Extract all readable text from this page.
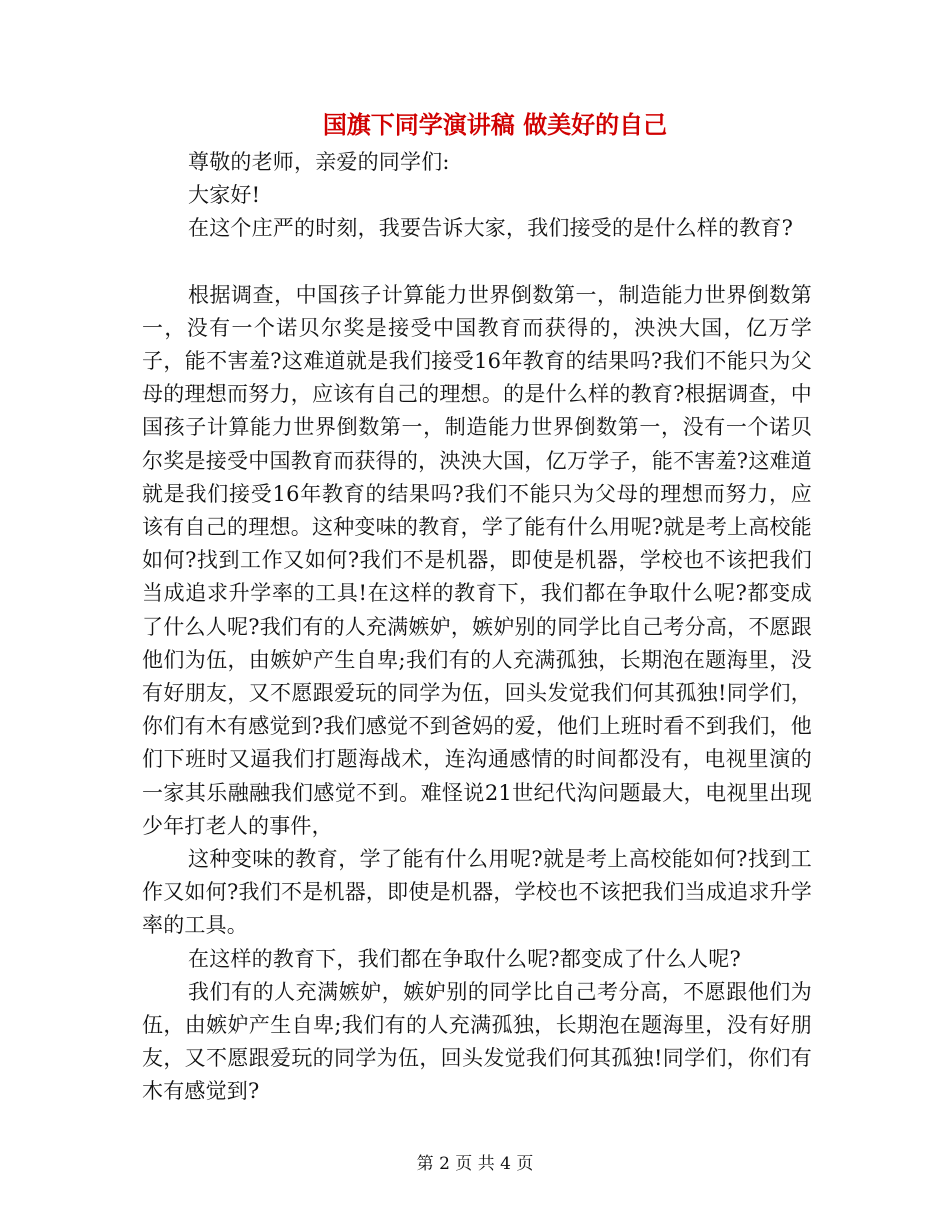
国旗下同学演讲稿 做美好的自己

尊敬的老师，亲爱的同学们:

大家好!

在这个庄严的时刻，我要告诉大家，我们接受的是什么样的教育?

根据调查，中国孩子计算能力世界倒数第一，制造能力世界倒数第一，没有一个诺贝尔奖是接受中国教育而获得的，泱泱大国，亿万学子，能不害羞?这难道就是我们接受16年教育的结果吗?我们不能只为父母的理想而努力，应该有自己的理想。的是什么样的教育?根据调查，中国孩子计算能力世界倒数第一，制造能力世界倒数第一，没有一个诺贝尔奖是接受中国教育而获得的，泱泱大国，亿万学子，能不害羞?这难道就是我们接受16年教育的结果吗?我们不能只为父母的理想而努力，应该有自己的理想。这种变味的教育，学了能有什么用呢?就是考上高校能如何?找到工作又如何?我们不是机器，即使是机器，学校也不该把我们当成追求升学率的工具!在这样的教育下，我们都在争取什么呢?都变成了什么人呢?我们有的人充满嫉妒，嫉妒别的同学比自己考分高，不愿跟他们为伍，由嫉妒产生自卑;我们有的人充满孤独，长期泡在题海里，没有好朋友，又不愿跟爱玩的同学为伍，回头发觉我们何其孤独!同学们，你们有木有感觉到?我们感觉不到爸妈的爱，他们上班时看不到我们，他们下班时又逼我们打题海战术，连沟通感情的时间都没有，电视里演的一家其乐融融我们感觉不到。难怪说21世纪代沟问题最大，电视里出现少年打老人的事件，

这种变味的教育，学了能有什么用呢?就是考上高校能如何?找到工作又如何?我们不是机器，即使是机器，学校也不该把我们当成追求升学率的工具。

在这样的教育下，我们都在争取什么呢?都变成了什么人呢?

我们有的人充满嫉妒，嫉妒别的同学比自己考分高，不愿跟他们为伍，由嫉妒产生自卑;我们有的人充满孤独，长期泡在题海里，没有好朋友，又不愿跟爱玩的同学为伍，回头发觉我们何其孤独!同学们，你们有木有感觉到?

第 2 页 共 4 页
